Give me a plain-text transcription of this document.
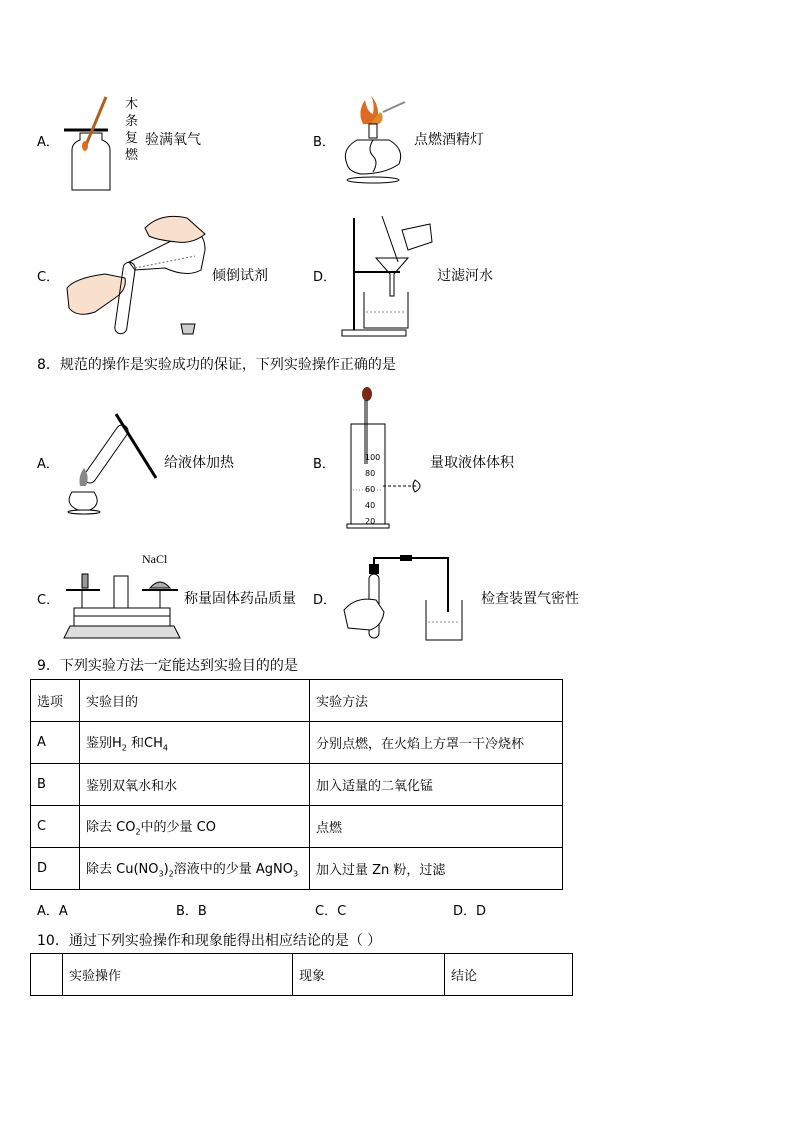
A．
木
条
复
燃
验满氧气	B．	点燃酒精灯
C．	倾倒试剂	D．	过滤河水
8．规范的操作是实验成功的保证，下列实验操作正确的是
A．	给液体加热	B．	100
80
60
40
20
量取液体体积
C．
NaCl
称量固体药品质量 D．	检查装置气密性
9．下列实验方法一定能达到实验目的的是
选项	实验目的	实验方法
A	鉴别$H_2$ 和$CH_4$	分别点燃，在火焰上方罩一干冷烧杯
B	鉴别双氧水和水	加入适量的二氧化锰
C	除去 $CO_2$中的少量 CO	点燃
D	除去 $Cu(NO_3)_2$溶液中的少量 AgNO$_3$	加入过量 Zn 粉，过滤
A．A	B．B	C．C	D．D
10．通过下列实验操作和现象能得出相应结论的是（ ）
	实验操作	现象	结论
